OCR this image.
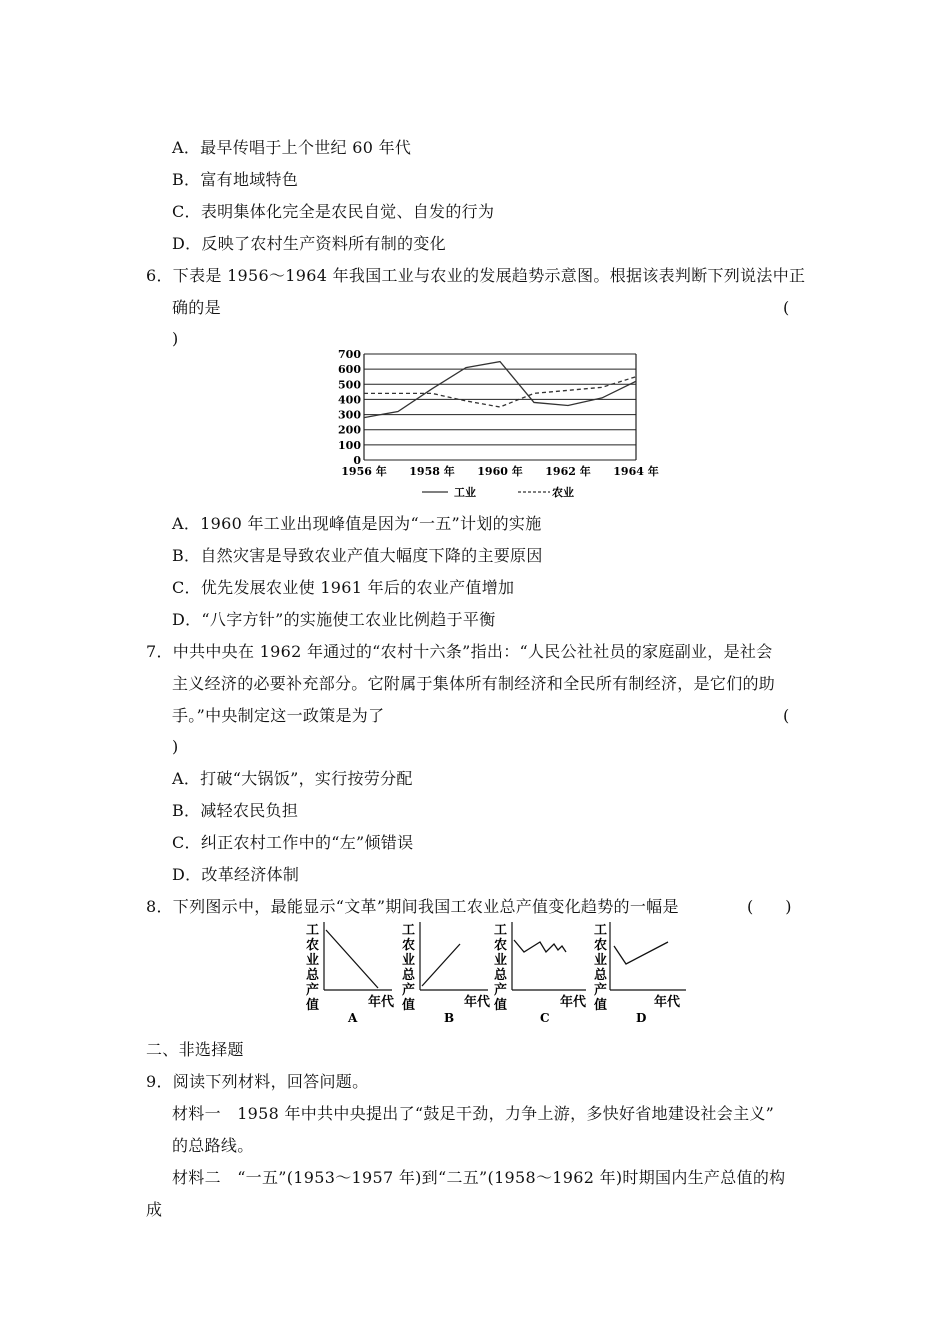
A．最早传唱于上个世纪 60 年代
B．富有地域特色
C．表明集体化完全是农民自觉、自发的行为
D．反映了农村生产资料所有制的变化
6．下表是 1956～1964 年我国工业与农业的发展趋势示意图。根据该表判断下列说法中正
确的是	(
)
0
100
200
300
400
500
600
700
1956 年 1958 年 1960 年 1962 年 1964 年
工业	农业
A．1960 年工业出现峰值是因为“一五”计划的实施
B．自然灾害是导致农业产值大幅度下降的主要原因
C．优先发展农业使 1961 年后的农业产值增加
D．“八字方针”的实施使工农业比例趋于平衡
7．中共中央在 1962 年通过的“农村十六条”指出：“人民公社社员的家庭副业，是社会
主义经济的必要补充部分。它附属于集体所有制经济和全民所有制经济，是它们的助
手。”中央制定这一政策是为了	(
)
A．打破“大锅饭”，实行按劳分配
B．减轻农民负担
C．纠正农村工作中的“左”倾错误
D．改革经济体制
8．下列图示中，最能显示“文革”期间我国工农业总产值变化趋势的一幅是	(　　)
工
农
业
总
产
值	年代
A
工
农
业
总
产
值	年代
B
工
农
业
总
产
值	年代
C
工
农
业
总
产
值	年代
D
二、非选择题
9．阅读下列材料，回答问题。
材料一　1958 年中共中央提出了“鼓足干劲，力争上游，多快好省地建设社会主义”
的总路线。
材料二　“一五”(1953～1957 年)到“二五”(1958～1962 年)时期国内生产总值的构
成
